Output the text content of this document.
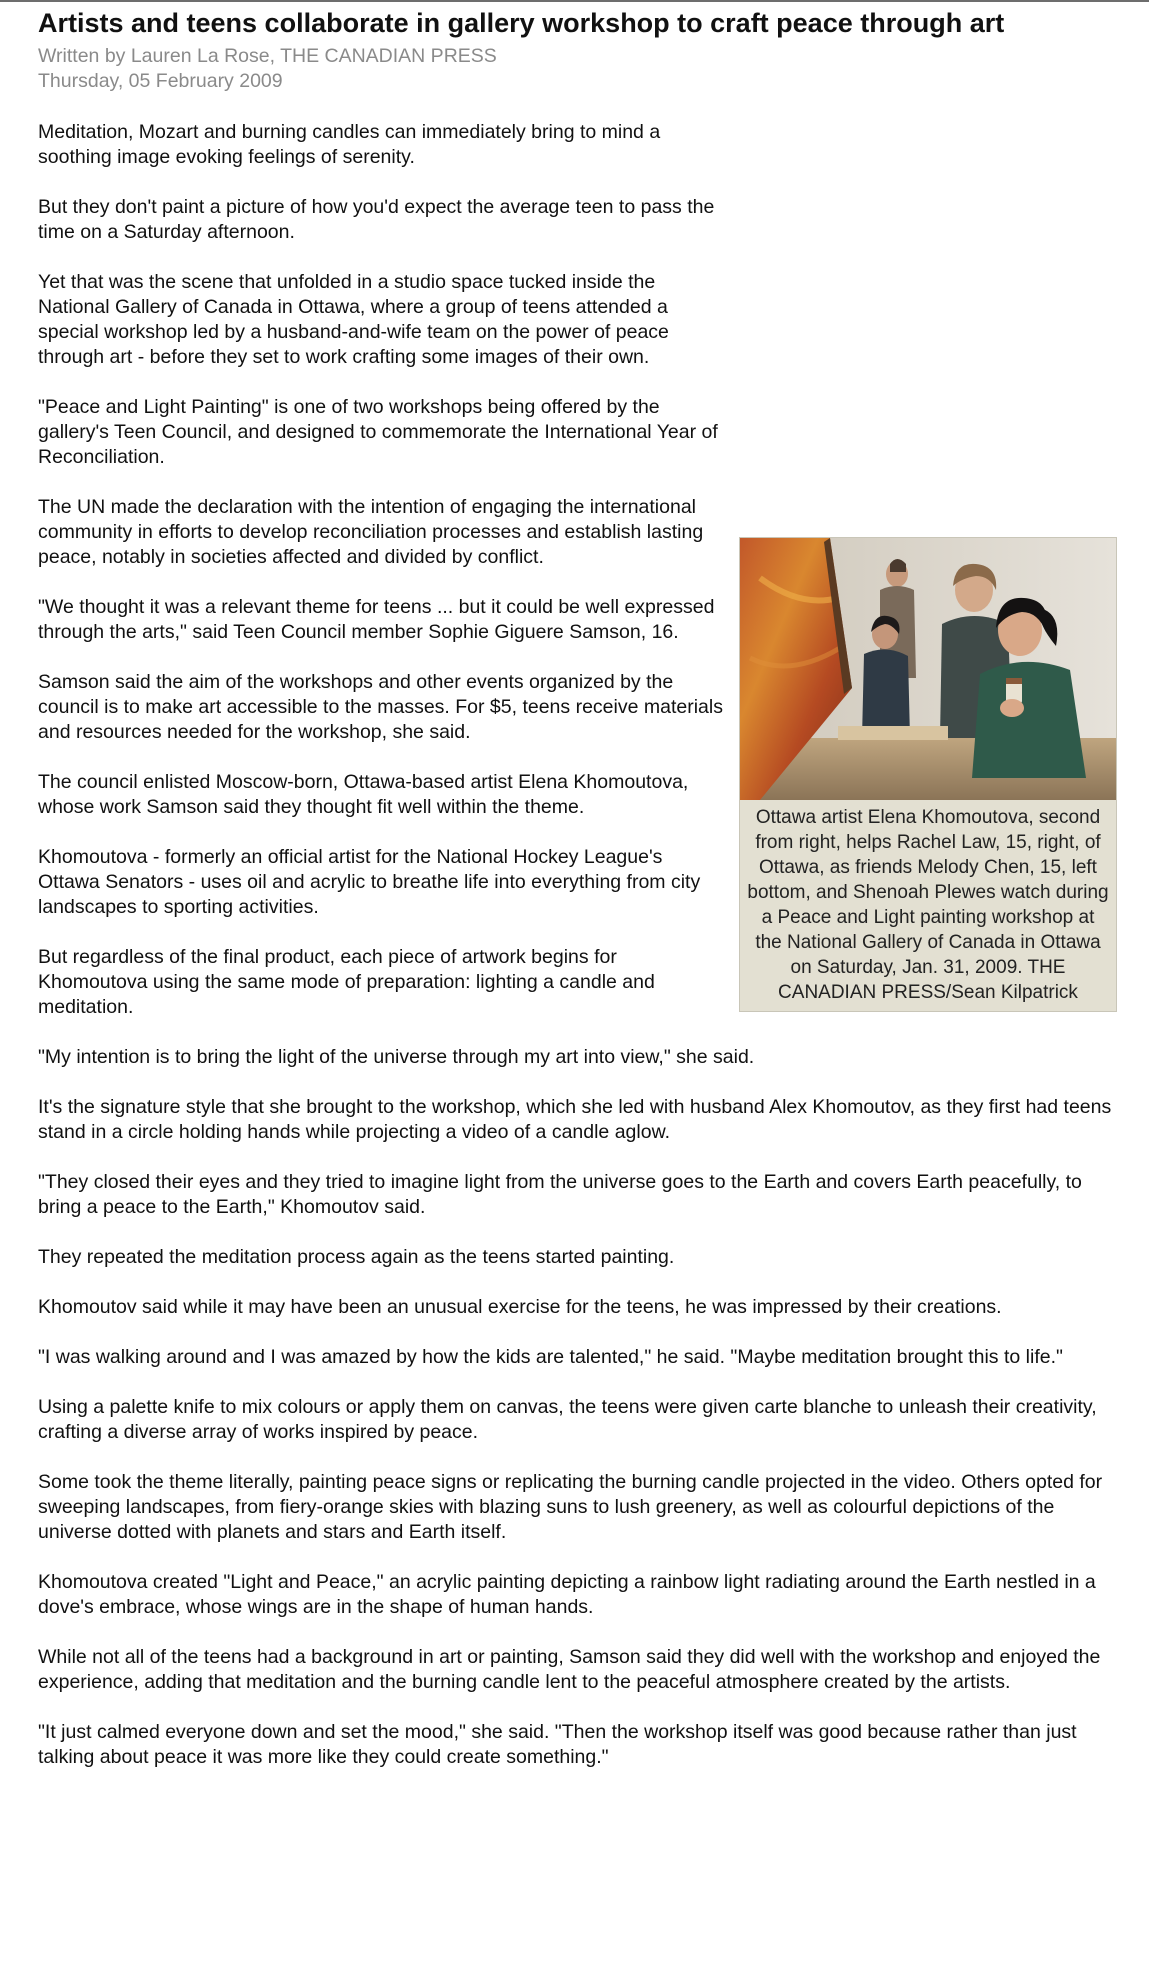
Artists and teens collaborate in gallery workshop to craft peace through art
Written by Lauren La Rose, THE CANADIAN PRESS
Thursday, 05 February 2009

Meditation, Mozart and burning candles can immediately bring to mind a soothing image evoking feelings of serenity.

But they don't paint a picture of how you'd expect the average teen to pass the time on a Saturday afternoon.

Yet that was the scene that unfolded in a studio space tucked inside the National Gallery of Canada in Ottawa, where a group of teens attended a special workshop led by a husband-and-wife team on the power of peace through art - before they set to work crafting some images of their own.

"Peace and Light Painting" is one of two workshops being offered by the gallery's Teen Council, and designed to commemorate the International Year of Reconciliation.

The UN made the declaration with the intention of engaging the international community in efforts to develop reconciliation processes and establish lasting peace, notably in societies affected and divided by conflict.

"We thought it was a relevant theme for teens ... but it could be well expressed through the arts," said Teen Council member Sophie Giguere Samson, 16.

Samson said the aim of the workshops and other events organized by the council is to make art accessible to the masses. For $5, teens receive materials and resources needed for the workshop, she said.

The council enlisted Moscow-born, Ottawa-based artist Elena Khomoutova, whose work Samson said they thought fit well within the theme.

Khomoutova - formerly an official artist for the National Hockey League's Ottawa Senators - uses oil and acrylic to breathe life into everything from city landscapes to sporting activities.

But regardless of the final product, each piece of artwork begins for Khomoutova using the same mode of preparation: lighting a candle and meditation.

"My intention is to bring the light of the universe through my art into view," she said.

It's the signature style that she brought to the workshop, which she led with husband Alex Khomoutov, as they first had teens stand in a circle holding hands while projecting a video of a candle aglow.

"They closed their eyes and they tried to imagine light from the universe goes to the Earth and covers Earth peacefully, to bring a peace to the Earth," Khomoutov said.

They repeated the meditation process again as the teens started painting.

Khomoutov said while it may have been an unusual exercise for the teens, he was impressed by their creations.

"I was walking around and I was amazed by how the kids are talented," he said. "Maybe meditation brought this to life."

Using a palette knife to mix colours or apply them on canvas, the teens were given carte blanche to unleash their creativity, crafting a diverse array of works inspired by peace.

Some took the theme literally, painting peace signs or replicating the burning candle projected in the video. Others opted for sweeping landscapes, from fiery-orange skies with blazing suns to lush greenery, as well as colourful depictions of the universe dotted with planets and stars and Earth itself.

Khomoutova created "Light and Peace," an acrylic painting depicting a rainbow light radiating around the Earth nestled in a dove's embrace, whose wings are in the shape of human hands.

While not all of the teens had a background in art or painting, Samson said they did well with the workshop and enjoyed the experience, adding that meditation and the burning candle lent to the peaceful atmosphere created by the artists.

"It just calmed everyone down and set the mood," she said. "Then the workshop itself was good because rather than just talking about peace it was more like they could create something."

Ottawa artist Elena Khomoutova, second from right, helps Rachel Law, 15, right, of Ottawa, as friends Melody Chen, 15, left bottom, and Shenoah Plewes watch during a Peace and Light painting workshop at the National Gallery of Canada in Ottawa on Saturday, Jan. 31, 2009. THE CANADIAN PRESS/Sean Kilpatrick
